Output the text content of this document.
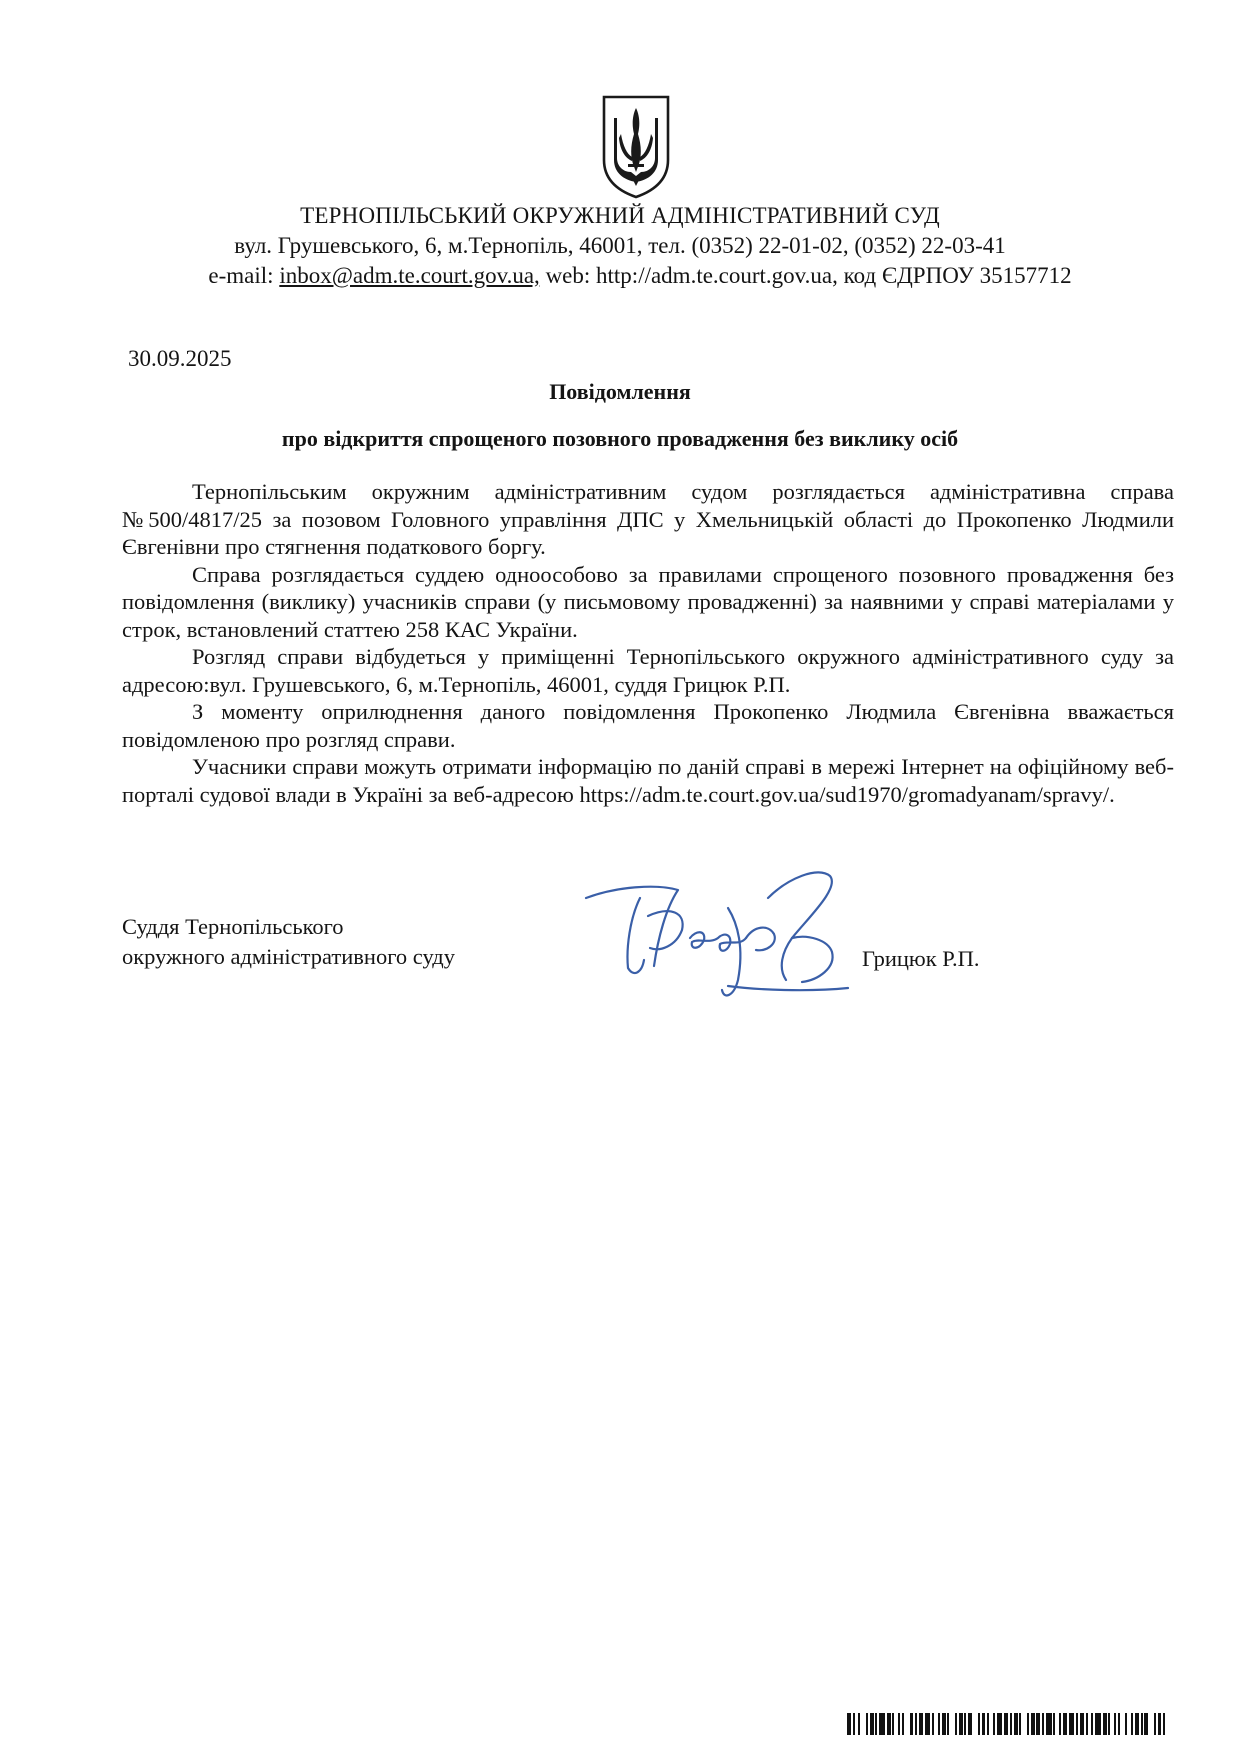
ТЕРНОПІЛЬСЬКИЙ ОКРУЖНИЙ АДМІНІСТРАТИВНИЙ СУД
вул. Грушевського, 6, м.Тернопіль, 46001, тел. (0352) 22-01-02, (0352) 22-03-41
e-mail: inbox@adm.te.court.gov.ua, web: http://adm.te.court.gov.ua, код ЄДРПОУ 35157712
30.09.2025
Повідомлення
про відкриття спрощеного позовного провадження без виклику осіб

Тернопільським окружним адміністративним судом розглядається адміністративна справа №500/4817/25 за позовом Головного управління ДПС у Хмельницькій області до Прокопенко Людмили Євгенівни про стягнення податкового боргу.

Справа розглядається суддею одноособово за правилами спрощеного позовного провадження без повідомлення (виклику) учасників справи (у письмовому провадженні) за наявними у справі матеріалами у строк, встановлений статтею 258 КАС України.

Розгляд справи відбудеться у приміщенні Тернопільського окружного адміністративного суду за адресою:вул. Грушевського, 6, м.Тернопіль, 46001, суддя Грицюк Р.П.

З моменту оприлюднення даного повідомлення Прокопенко Людмила Євгенівна вважається повідомленою про розгляд справи.

Учасники справи можуть отримати інформацію по даній справі в мережі Інтернет на офіційному веб-порталі судової влади в Україні за веб-адресою https://adm.te.court.gov.ua/sud1970/gromadyanam/spravy/.

Суддя Тернопільського
окружного адміністративного суду	Грицюк Р.П.
